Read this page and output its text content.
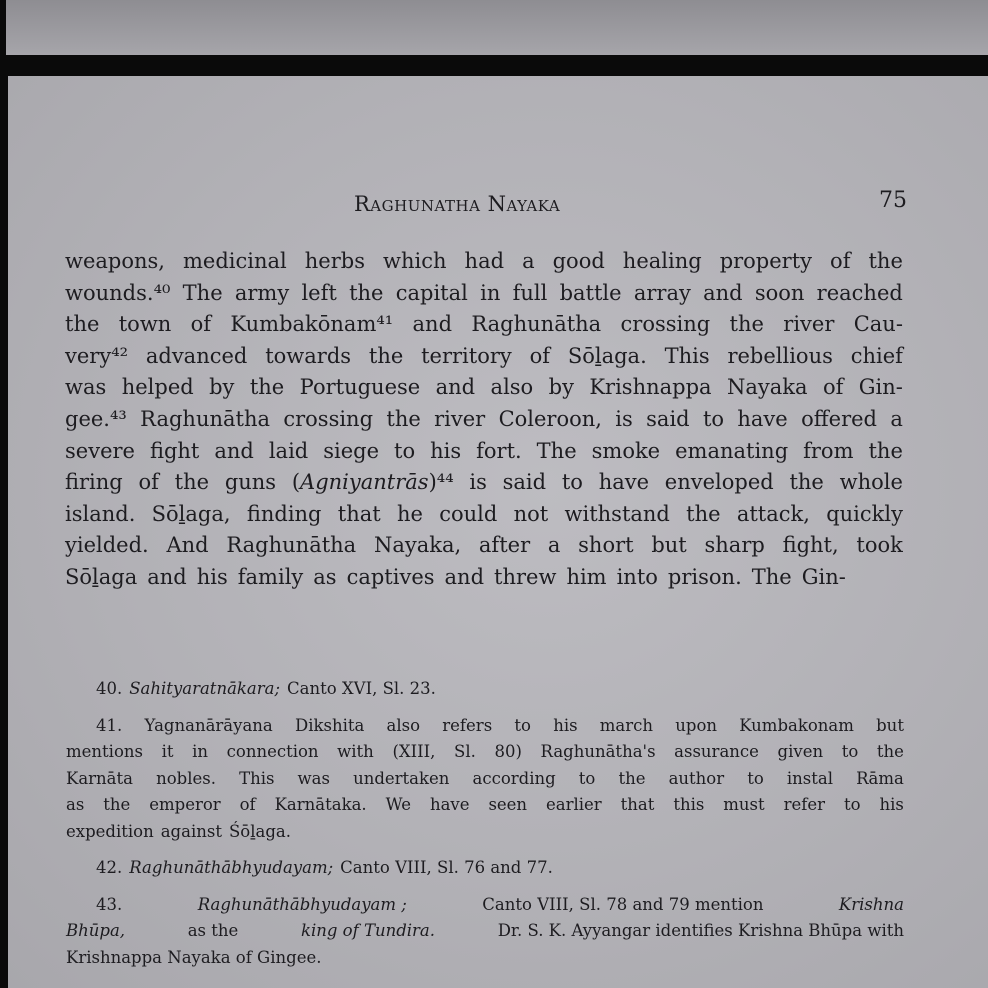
Raghunatha Nayaka	75
weapons, medicinal herbs which had a good healing property of the
wounds.⁴⁰ The army left the capital in full battle array and soon reached
the town of Kumbakōnam⁴¹ and Raghunātha crossing the river Cau-
very⁴² advanced towards the territory of Sōḻaga. This rebellious chief
was helped by the Portuguese and also by Krishnappa Nayaka of Gin-
gee.⁴³ Raghunātha crossing the river Coleroon, is said to have offered a
severe fight and laid siege to his fort. The smoke emanating from the
firing of the guns (Agniyantrās)⁴⁴ is said to have enveloped the whole
island. Sōḻaga, finding that he could not withstand the attack, quickly
yielded. And Raghunātha Nayaka, after a short but sharp fight, took
Sōḻaga and his family as captives and threw him into prison. The Gin-
40. Sahityaratnākara; Canto XVI, Sl. 23.
41. Yagnanārāyana Dikshita also refers to his march upon Kumbakonam but
mentions it in connection with (XIII, Sl. 80) Raghunātha's assurance given to the
Karnāta nobles. This was undertaken according to the author to instal Rāma
as the emperor of Karnātaka. We have seen earlier that this must refer to his
expedition against Śōḻaga.
42. Raghunāthābhyudayam; Canto VIII, Sl. 76 and 77.
43.	Raghunāthābhyudayam ;	Canto VIII, Sl. 78 and 79 mention	Krishna
Bhūpa,	as the	king of Tundira.	Dr. S. K. Ayyangar identifies Krishna Bhūpa with
Krishnappa Nayaka of Gingee.
